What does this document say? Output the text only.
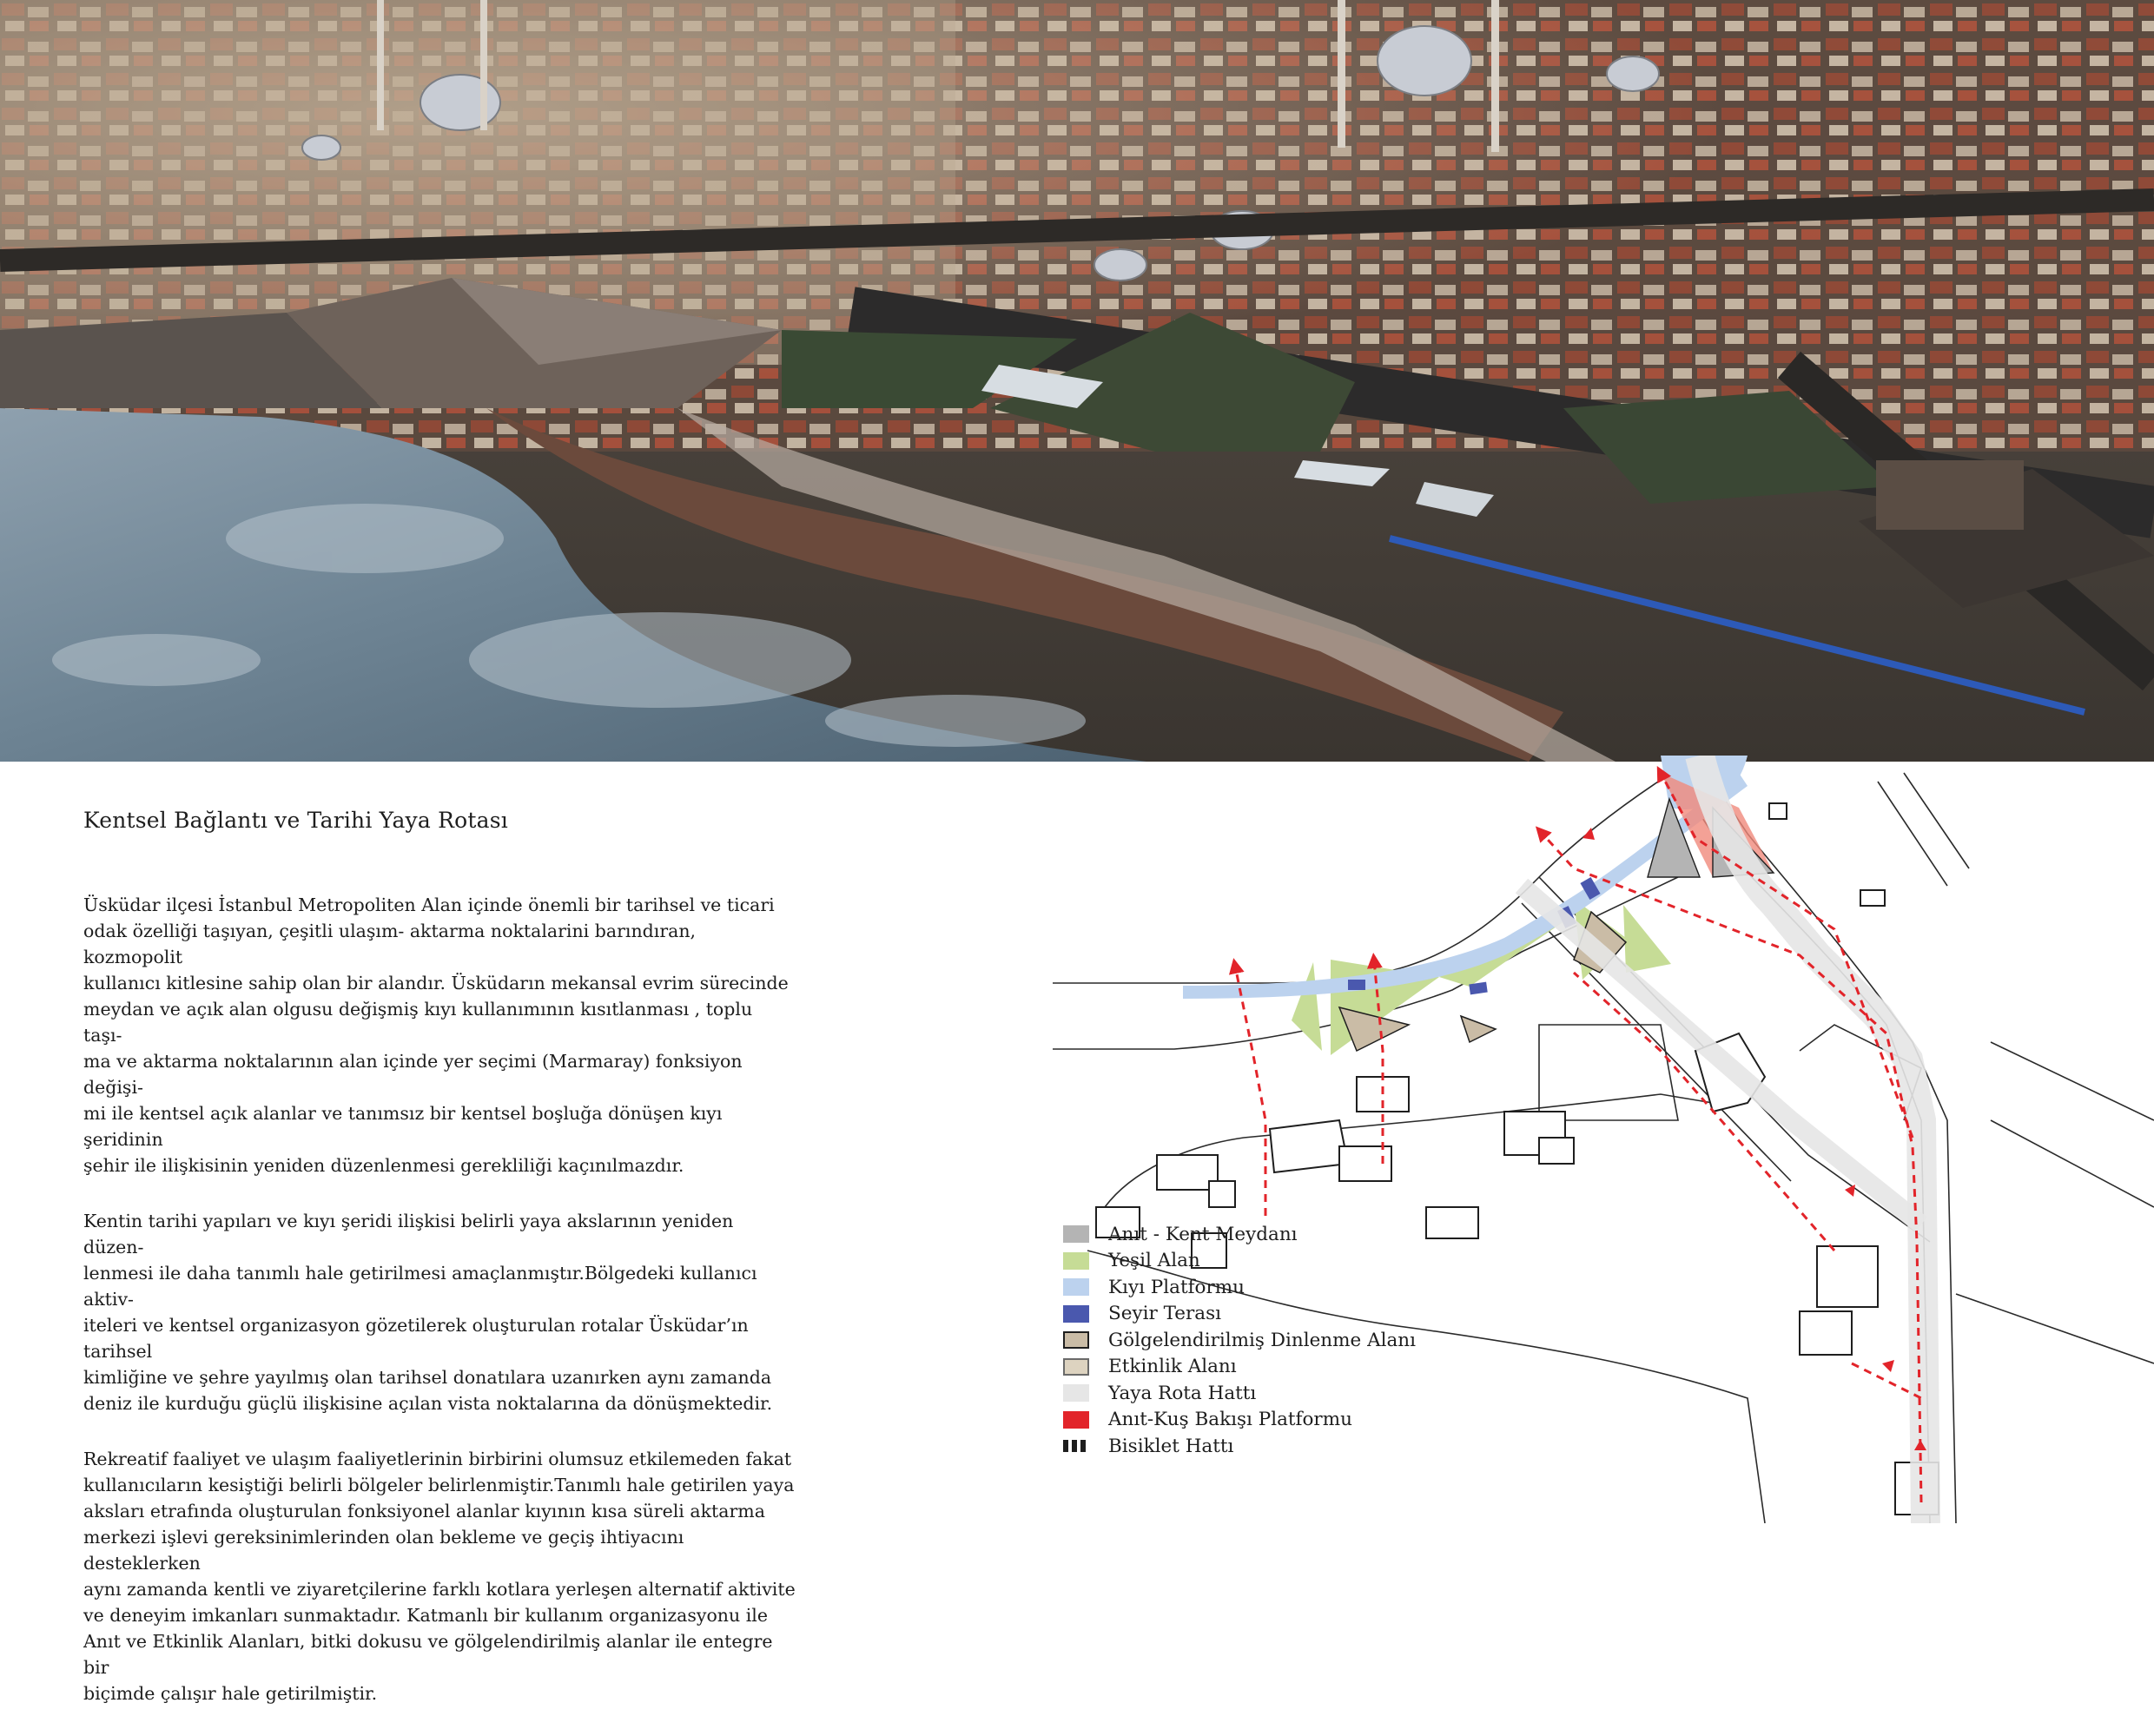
Kentsel Bağlantı ve Tarihi Yaya Rotası

Üsküdar ilçesi İstanbul Metropoliten Alan içinde önemli bir tarihsel ve ticari
odak özelliği taşıyan, çeşitli ulaşım- aktarma noktalarini barındıran, kozmopolit
kullanıcı kitlesine sahip olan bir alandır. Üsküdarın mekansal evrim sürecinde
meydan ve açık alan olgusu değişmiş kıyı kullanımının kısıtlanması , toplu taşı-
ma ve aktarma noktalarının alan içinde yer seçimi (Marmaray) fonksiyon değişi-
mi ile kentsel açık alanlar ve tanımsız bir kentsel boşluğa dönüşen kıyı şeridinin
şehir ile ilişkisinin yeniden düzenlenmesi gerekliliği kaçınılmazdır.

Kentin tarihi yapıları ve kıyı şeridi ilişkisi belirli yaya akslarının yeniden düzen-
lenmesi ile daha tanımlı hale getirilmesi amaçlanmıştır.Bölgedeki kullanıcı aktiv-
iteleri ve kentsel organizasyon gözetilerek oluşturulan rotalar Üsküdar’ın tarihsel
kimliğine ve şehre yayılmış olan tarihsel donatılara uzanırken aynı zamanda
deniz ile kurduğu güçlü ilişkisine açılan vista noktalarına da dönüşmektedir.

Rekreatif faaliyet ve ulaşım faaliyetlerinin birbirini olumsuz etkilemeden fakat
kullanıcıların kesiştiği belirli bölgeler belirlenmiştir.Tanımlı hale getirilen yaya
aksları etrafında oluşturulan fonksiyonel alanlar kıyının kısa süreli aktarma
merkezi işlevi gereksinimlerinden olan bekleme ve geçiş ihtiyacını desteklerken
aynı zamanda kentli ve ziyaretçilerine farklı kotlara yerleşen alternatif aktivite
ve deneyim imkanları sunmaktadır. Katmanlı bir kullanım organizasyonu ile
Anıt ve Etkinlik Alanları, bitki dokusu ve gölgelendirilmiş alanlar ile entegre bir
biçimde çalışır hale getirilmiştir.

Anıt - Kent Meydanı
Yeşil Alan
Kıyı Platformu
Seyir Terası
Gölgelendirilmiş Dinlenme Alanı
Etkinlik Alanı
Yaya Rota Hattı
Anıt-Kuş Bakışı Platformu
Bisiklet Hattı
